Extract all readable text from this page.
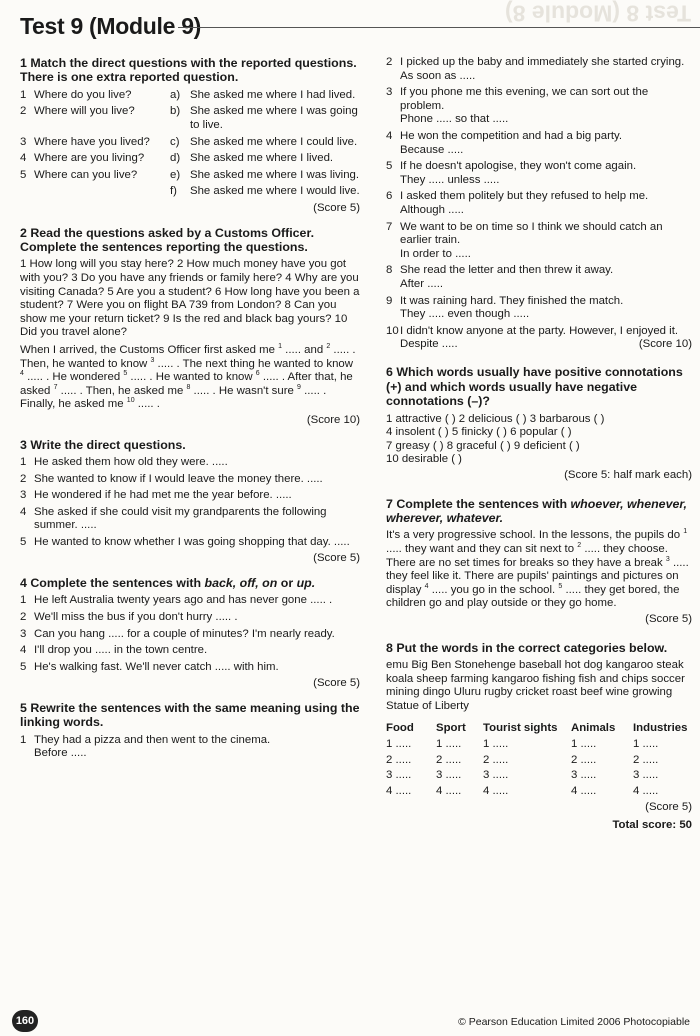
Test 8 (Module 8)
Test 9 (Module 9)
1 Match the direct questions with the reported questions. There is one extra reported question.
1 Where do you live?	a) She asked me where I had lived.
2 Where will you live?	b) She asked me where I was going to live.
3 Where have you lived?	c) She asked me where I could live.
4 Where are you living?	d) She asked me where I lived.
5 Where can you live?	e) She asked me where I was living.
f)	She asked me where I would live.
(Score 5)
2 Read the questions asked by a Customs Officer. Complete the sentences reporting the questions.

1 How long will you stay here? 2 How much money have you got with you? 3 Do you have any friends or family here? 4 Why are you visiting Canada? 5 Are you a student? 6 How long have you been a student? 7 Were you on flight BA 739 from London? 8 Can you show me your return ticket? 9 Is the red and black bag yours? 10 Did you travel alone?

When I arrived, the Customs Officer first asked me $^1$ ..... and $^2$ ..... . Then, he wanted to know $^3$ ..... . The next thing he wanted to know $^4$ ..... . He wondered $^5$ ..... . He wanted to know $^6$ ..... . After that, he asked $^7$ ..... . Then, he asked me $^8$ ..... . He wasn't sure $^9$ ..... . Finally, he asked me $^{10}$ ..... .

(Score 10)
3 Write the direct questions.
1 He asked them how old they were. .....
2 She wanted to know if I would leave the money there. .....
3 He wondered if he had met me the year before. .....
4 She asked if she could visit my grandparents the following summer. .....
5 He wanted to know whether I was going shopping that day. .....
(Score 5)
4 Complete the sentences with back, off, on or up.
1 He left Australia twenty years ago and has never gone ..... .
2 We'll miss the bus if you don't hurry ..... .
3 Can you hang ..... for a couple of minutes? I'm nearly ready.
4 I'll drop you ..... in the town centre.
5 He's walking fast. We'll never catch ..... with him.
(Score 5)
5 Rewrite the sentences with the same meaning using the linking words.
1 They had a pizza and then went to the cinema.
Before .....
2 I picked up the baby and immediately she started crying.
As soon as .....
3 If you phone me this evening, we can sort out the problem.
Phone ..... so that .....
4 He won the competition and had a big party.
Because .....
5 If he doesn't apologise, they won't come again.
They ..... unless .....
6 I asked them politely but they refused to help me.
Although .....
7 We want to be on time so I think we should catch an earlier train.
In order to .....
8 She read the letter and then threw it away.
After .....
9 It was raining hard. They finished the match.
They ..... even though .....
10 I didn't know anyone at the party. However, I enjoyed it.
Despite .....	(Score 10)
6 Which words usually have positive connotations (+) and which words usually have negative connotations (–)?

1 attractive ( ) 2 delicious ( ) 3 barbarous ( )

4 insolent ( ) 5 finicky ( ) 6 popular ( )

7 greasy ( ) 8 graceful ( ) 9 deficient ( )

10 desirable ( )

(Score 5: half mark each)
7 Complete the sentences with whoever, whenever, wherever, whatever.

It's a very progressive school. In the lessons, the pupils do $^1$ ..... they want and they can sit next to $^2$ ..... they choose. There are no set times for breaks so they have a break $^3$ ..... they feel like it. There are pupils' paintings and pictures on display $^4$ ..... you go in the school. $^5$ ..... they get bored, the children go and play outside or they go home.

(Score 5)
8 Put the words in the correct categories below.

emu Big Ben Stonehenge baseball hot dog kangaroo steak koala sheep farming kangaroo fishing fish and chips soccer mining dingo Uluru rugby cricket roast beef wine growing Statue of Liberty

Food	Sport	Tourist sights	Animals	Industries
1 .....	1 .....	1 .....	1 .....	1 .....
2 .....	2 .....	2 .....	2 .....	2 .....
3 .....	3 .....	3 .....	3 .....	3 .....
4 .....	4 .....	4 .....	4 .....	4 .....
(Score 5)
Total score: 50
160	© Pearson Education Limited 2006 Photocopiable
